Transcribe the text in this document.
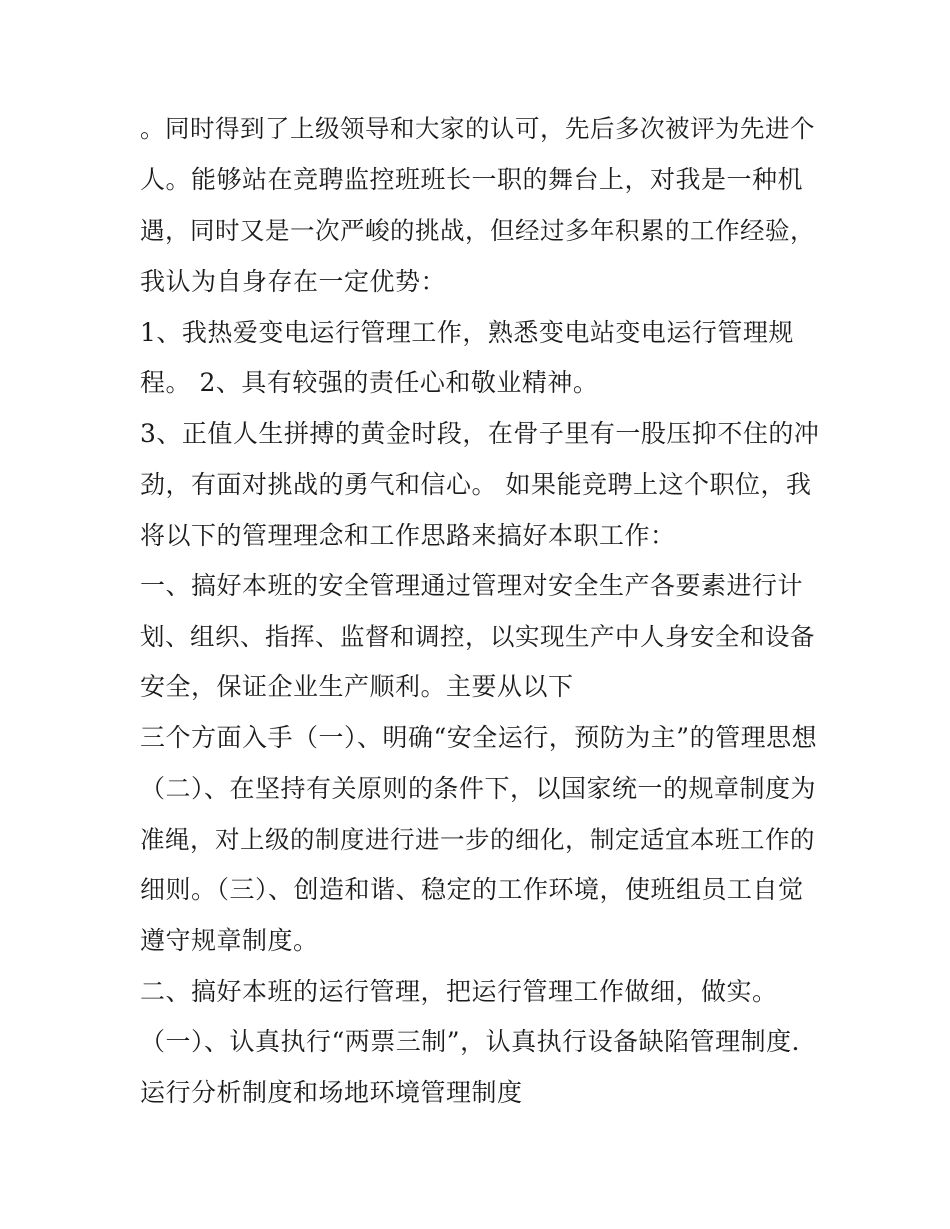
。同时得到了上级领导和大家的认可，先后多次被评为先进个
人。能够站在竞聘监控班班长一职的舞台上，对我是一种机
遇，同时又是一次严峻的挑战，但经过多年积累的工作经验，
我认为自身存在一定优势：
1、我热爱变电运行管理工作，熟悉变电站变电运行管理规
程。 2、具有较强的责任心和敬业精神。
3、正值人生拼搏的黄金时段，在骨子里有一股压抑不住的冲
劲，有面对挑战的勇气和信心。 如果能竞聘上这个职位，我
将以下的管理理念和工作思路来搞好本职工作：
一、搞好本班的安全管理通过管理对安全生产各要素进行计
划、组织、指挥、监督和调控，以实现生产中人身安全和设备
安全，保证企业生产顺利。主要从以下
三个方面入手（一）、明确“安全运行，预防为主”的管理思想
（二）、在坚持有关原则的条件下，以国家统一的规章制度为
准绳，对上级的制度进行进一步的细化，制定适宜本班工作的
细则。（三）、创造和谐、稳定的工作环境，使班组员工自觉
遵守规章制度。
二、搞好本班的运行管理，把运行管理工作做细，做实。
（一）、认真执行“两票三制”，认真执行设备缺陷管理制度．
运行分析制度和场地环境管理制度
